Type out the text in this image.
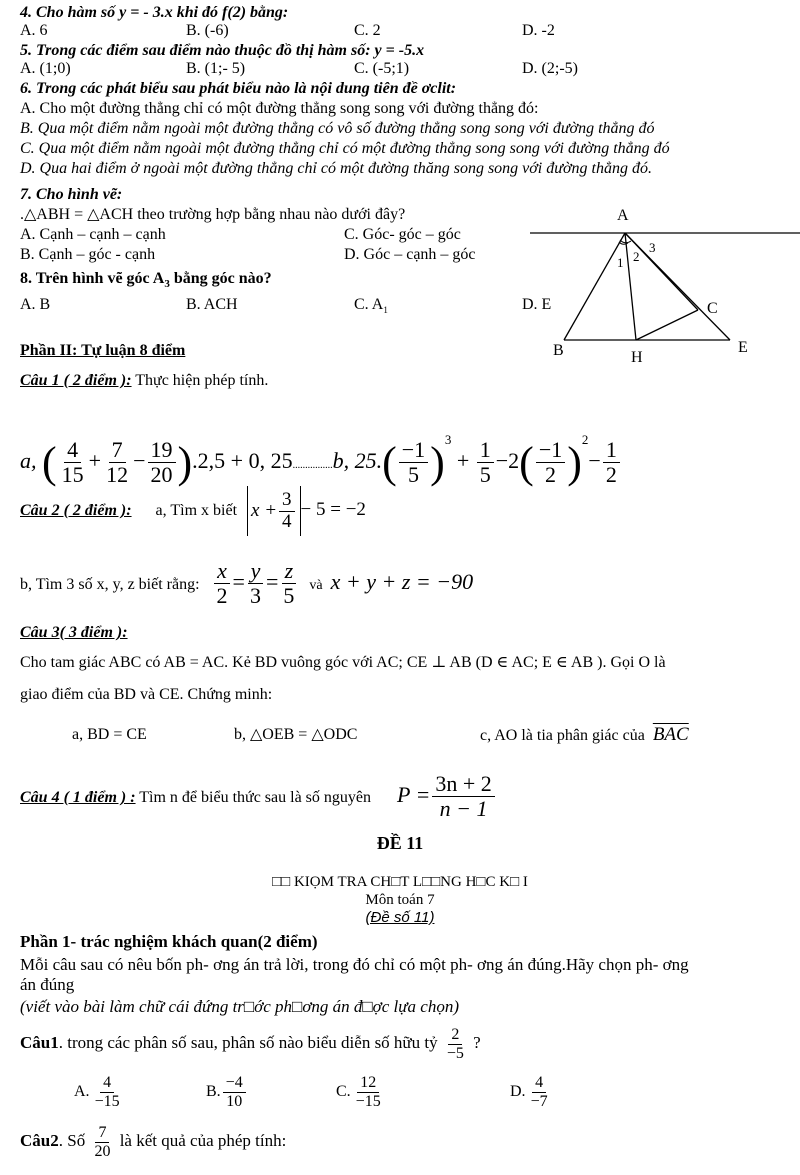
4. Cho hàm số y = - 3.x khi đó f(2) bằng:
A. 6	B. (-6)	C. 2	D. -2
5. Trong các điểm sau điểm nào thuộc đồ thị hàm số: y = -5.x
A. (1;0)	B. (1;- 5)	C. (-5;1)	D. (2;-5)
6. Trong các phát biểu sau phát biểu nào là nội dung tiên đề ơclit:
A. Cho một đường thẳng chỉ có một đường thẳng song song với đường thẳng đó:
B. Qua một điểm nằm ngoài một đường thẳng có vô số đường thẳng song song với đường thẳng đó
C. Qua một điểm nằm ngoài một đường thẳng chỉ có một đường thẳng song song với đường thẳng đó
D. Qua hai điểm ở ngoài một đường thẳng chỉ có một đường thăng song song với đường thẳng đó.
7. Cho hình vẽ:
.△ABH = △ACH theo trường hợp bằng nhau nào dưới đây?
A. Cạnh – cạnh – cạnh	C. Góc- góc – góc
B. Cạnh – góc - cạnh	D. Góc – cạnh – góc
8. Trên hình vẽ góc $A_3$ bằng góc nào?
A. B	B. ACH	C. $A_1$	D. E
A
B
C
E
H
1 2
3
Phần II: Tự luận 8 điểm
Câu 1 ( 2 điểm ): Thực hiện phép tính.
a, ( $\frac{4}{15} + \frac{7}{12} - \frac{19}{20} ).2,5 + 0$, 25................b, $25.( \frac{-1}{5} )^3 + \frac{1}{5} -2( \frac{-1}{2} )^2- \frac{1}{2}$
Câu 2 ( 2 điểm ): a, Tìm x biết $x + \frac{3}{4} - 5 = -2$
b, Tìm 3 số x, y, z biết rằng: $\frac{x}{2} = \frac{y}{3} = \frac{z}{5}$ và x + y + z = −90
Câu 3( 3 điểm ):
Cho tam giác ABC có AB = AC. Kẻ BD vuông góc với AC; CE ⊥ AB (D ∈ AC; E ∈ AB ). Gọi O là
giao điểm của BD và CE. Chứng minh:
a, BD = CE	b, △OEB = △ODC	c, AO là tia phân giác của $\overline{BAC}$
Câu 4 ( 1 điểm ) : Tìm n để biểu thức sau là số nguyên $P = \frac{3n + 2}{n - 1}$
ĐỀ 11
□□ KIỌM TRA CH□T L□□NG H□C K□ I
Môn toán 7
(Đề số 11)
Phần 1- trác nghiệm khách quan(2 điểm)
Mỗi câu sau có nêu bốn ph- ơng án trả lời, trong đó chỉ có một ph- ơng án đúng.Hãy chọn ph- ơng
án đúng
(viết vào bài làm chữ cái đứng tr□ớc ph□ơng án đ□ợc lựa chọn)
Câu1. trong các phân số sau, phân số nào biểu diễn số hữu tỷ $\frac{2}{-5}$ ?
A. $\frac{4}{-15}$	B. $\frac{-4}{10}$	C. $\frac{12}{-15}$	D. $\frac{4}{-7}$
Câu2. Số $\frac{7}{20}$ là kết quả của phép tính:
